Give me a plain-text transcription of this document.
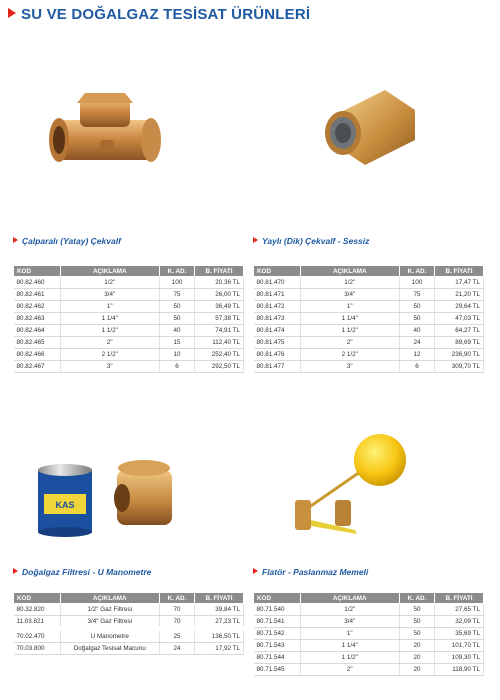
SU VE DOĞALGAZ TESİSAT ÜRÜNLERİ
Çalparalı (Yatay) Çekvalf
KOD	AÇIKLAMA	K. AD.	B. FİYATI
80.82.460	1/2"	100	20.36 TL
80.82.461	3/4"	75	26,00 TL
80.82.462	1"	50	36,49 TL
80.82.463	1 1/4"	50	57,38 TL
80.82.464	1 1/2"	40	74,91 TL
80.82.465	2"	15	112,40 TL
80.82.466	2 1/2"	10	252,40 TL
80.82.467	3"	6	292,50 TL
Yaylı (Dik) Çekvalf - Sessiz
KOD	AÇIKLAMA	K. AD.	B. FİYATI
80.81.470	1/2"	100	17,47 TL
80.81.471	3/4"	75	21,20 TL
80.81.472	1"	50	29,64 TL
80.81.473	1 1/4"	50	47,03 TL
80.81.474	1 1/2"	40	64,27 TL
80.81.475	2"	24	89,69 TL
80.81.476	2 1/2"	12	236,90 TL
80.81.477	3"	6	309,70 TL
KAS
Doğalgaz Filtresi - U Manometre
KOD	AÇIKLAMA	K. AD.	B. FİYATI
80.32.820	1/2" Gaz Filtresi	70	39,84 TL
11.03.821	3/4" Gaz Filtresi	70	27,23 TL
70.02.470	U Manometre	25	136,50 TL
70.03.800	Doğalgaz Tesisat Macunu	24	17,92 TL
Flatör - Paslanmaz Memeli
KOD	AÇIKLAMA	K. AD.	B. FİYATI
80.71.540	1/2"	50	27,65 TL
80.71.541	3/4"	50	32,09 TL
80.71.542	1"	50	35,69 TL
80.71.543	1 1/4"	20	101,70 TL
80.71.544	1 1/2"	20	109,30 TL
80.71.545	2"	20	118,90 TL
